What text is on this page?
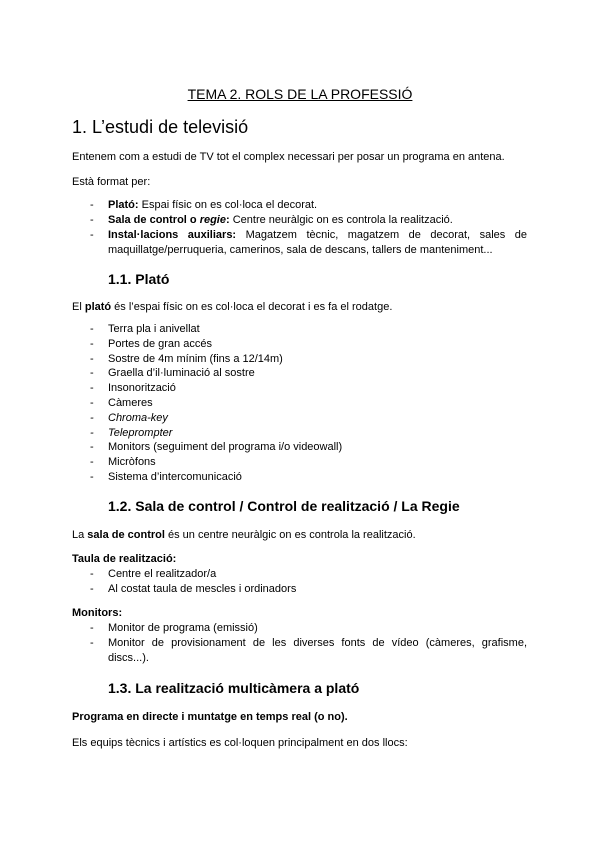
TEMA 2. ROLS DE LA PROFESSIÓ
1. L’estudi de televisió
Entenem com a estudi de TV tot el complex necessari per posar un programa en antena.
Està format per:
- Plató: Espai físic on es col·loca el decorat.
- Sala de control o regie: Centre neuràlgic on es controla la realització.
- Instal·lacions auxiliars: Magatzem tècnic, magatzem de decorat, sales de
maquillatge/perruqueria, camerinos, sala de descans, tallers de manteniment...
1.1. Plató
El plató és l’espai físic on es col·loca el decorat i es fa el rodatge.
- Terra pla i anivellat
- Portes de gran accés
- Sostre de 4m mínim (fins a 12/14m)
- Graella d’il·luminació al sostre
- Insonorització
- Càmeres
- Chroma-key
- Teleprompter
- Monitors (seguiment del programa i/o videowall)
- Micròfons
- Sistema d’intercomunicació
1.2. Sala de control / Control de realització / La Regie
La sala de control és un centre neuràlgic on es controla la realització.
Taula de realització:
- Centre el realitzador/a
- Al costat taula de mescles i ordinadors
Monitors:
- Monitor de programa (emissió)
- Monitor de provisionament de les diverses fonts de vídeo (càmeres, grafisme,
discs...).
1.3. La realització multicàmera a plató
Programa en directe i muntatge en temps real (o no).
Els equips tècnics i artístics es col·loquen principalment en dos llocs:
